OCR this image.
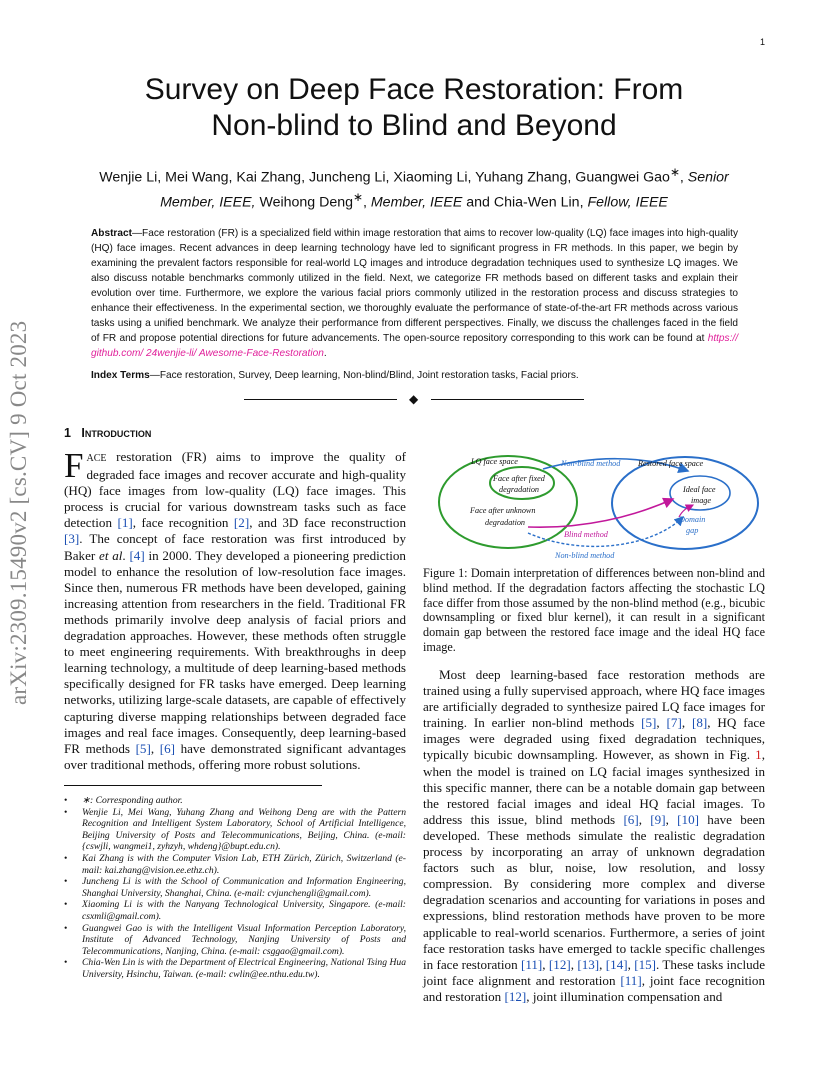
1
arXiv:2309.15490v2 [cs.CV] 9 Oct 2023
Survey on Deep Face Restoration: From
Non-blind to Blind and Beyond
Wenjie Li, Mei Wang, Kai Zhang, Juncheng Li, Xiaoming Li, Yuhang Zhang, Guangwei Gao∗, Senior
Member, IEEE, Weihong Deng∗, Member, IEEE and Chia-Wen Lin, Fellow, IEEE
Abstract—Face restoration (FR) is a specialized field within image restoration that aims to recover low-quality (LQ) face images into high-quality (HQ) face images. Recent advances in deep learning technology have led to significant progress in FR methods. In this paper, we begin by examining the prevalent factors responsible for real-world LQ images and introduce degradation techniques used to synthesize LQ images. We also discuss notable benchmarks commonly utilized in the field. Next, we categorize FR methods based on different tasks and explain their evolution over time. Furthermore, we explore the various facial priors commonly utilized in the restoration process and discuss strategies to enhance their effectiveness. In the experimental section, we thoroughly evaluate the performance of state-of-the-art FR methods across various tasks using a unified benchmark. We analyze their performance from different perspectives. Finally, we discuss the challenges faced in the field of FR and propose potential directions for future advancements. The open-source repository corresponding to this work can be found at https:// github.com/ 24wenjie-li/ Awesome-Face-Restoration.
Index Terms—Face restoration, Survey, Deep learning, Non-blind/Blind, Joint restoration tasks, Facial priors.
◆
1 Introduction
FACE restoration (FR) aims to improve the quality of degraded face images and recover accurate and high-quality (HQ) face images from low-quality (LQ) face images. This process is crucial for various downstream tasks such as face detection [1], face recognition [2], and 3D face reconstruction [3]. The concept of face restoration was first introduced by Baker et al. [4] in 2000. They developed a pioneering prediction model to enhance the resolution of low-resolution face images. Since then, numerous FR methods have been developed, gaining increasing attention from researchers in the field. Traditional FR methods primarily involve deep analysis of facial priors and degradation approaches. However, these methods often struggle to meet engineering requirements. With breakthroughs in deep learning technology, a multitude of deep learning-based methods specifically designed for FR tasks have emerged. Deep learning networks, utilizing large-scale datasets, are capable of effectively capturing diverse mapping relationships between degraded face images and real face images. Consequently, deep learning-based FR methods [5], [6] have demonstrated significant advantages over traditional methods, offering more robust solutions.
•	∗: Corresponding author.
•	Wenjie Li, Mei Wang, Yuhang Zhang and Weihong Deng are with the Pattern Recognition and Intelligent System Laboratory, School of Artificial Intelligence, Beijing University of Posts and Telecommunications, Beijing, China. (e-mail: {cswjli, wangmei1, zyhzyh, whdeng}@bupt.edu.cn).
•	Kai Zhang is with the Computer Vision Lab, ETH Zürich, Zürich, Switzerland (e-mail: kai.zhang@vision.ee.ethz.ch).
•	Juncheng Li is with the School of Communication and Information Engineering, Shanghai University, Shanghai, China. (e-mail: cvjunchengli@gmail.com).
•	Xiaoming Li is with the Nanyang Technological University, Singapore. (e-mail: csxmli@gmail.com).
•	Guangwei Gao is with the Intelligent Visual Information Perception Laboratory, Institute of Advanced Technology, Nanjing University of Posts and Telecommunications, Nanjing, China. (e-mail: csggao@gmail.com).
•	Chia-Wen Lin is with the Department of Electrical Engineering, National Tsing Hua University, Hsinchu, Taiwan. (e-mail: cwlin@ee.nthu.edu.tw).
LQ face space
Face after fixed
degradation
Face after unknown
degradation
Restored face space
Ideal face
image
Domain
gap
Non-blind method
Blind method
Non-blind method
Figure 1: Domain interpretation of differences between non-blind and blind method. If the degradation factors affecting the stochastic LQ face differ from those assumed by the non-blind method (e.g., bicubic downsampling or fixed blur kernel), it can result in a significant domain gap between the restored face image and the ideal HQ face image.
Most deep learning-based face restoration methods are trained using a fully supervised approach, where HQ face images are artificially degraded to synthesize paired LQ face images for training. In earlier non-blind methods [5], [7], [8], HQ face images were degraded using fixed degradation techniques, typically bicubic downsampling. However, as shown in Fig. 1, when the model is trained on LQ facial images synthesized in this specific manner, there can be a notable domain gap between the restored facial images and ideal HQ facial images. To address this issue, blind methods [6], [9], [10] have been developed. These methods simulate the realistic degradation process by incorporating an array of unknown degradation factors such as blur, noise, low resolution, and lossy compression. By considering more complex and diverse degradation scenarios and accounting for variations in poses and expressions, blind restoration methods have proven to be more applicable to real-world scenarios. Furthermore, a series of joint face restoration tasks have emerged to tackle specific challenges in face restoration [11], [12], [13], [14], [15]. These tasks include joint face alignment and restoration [11], joint face recognition and restoration [12], joint illumination compensation and
